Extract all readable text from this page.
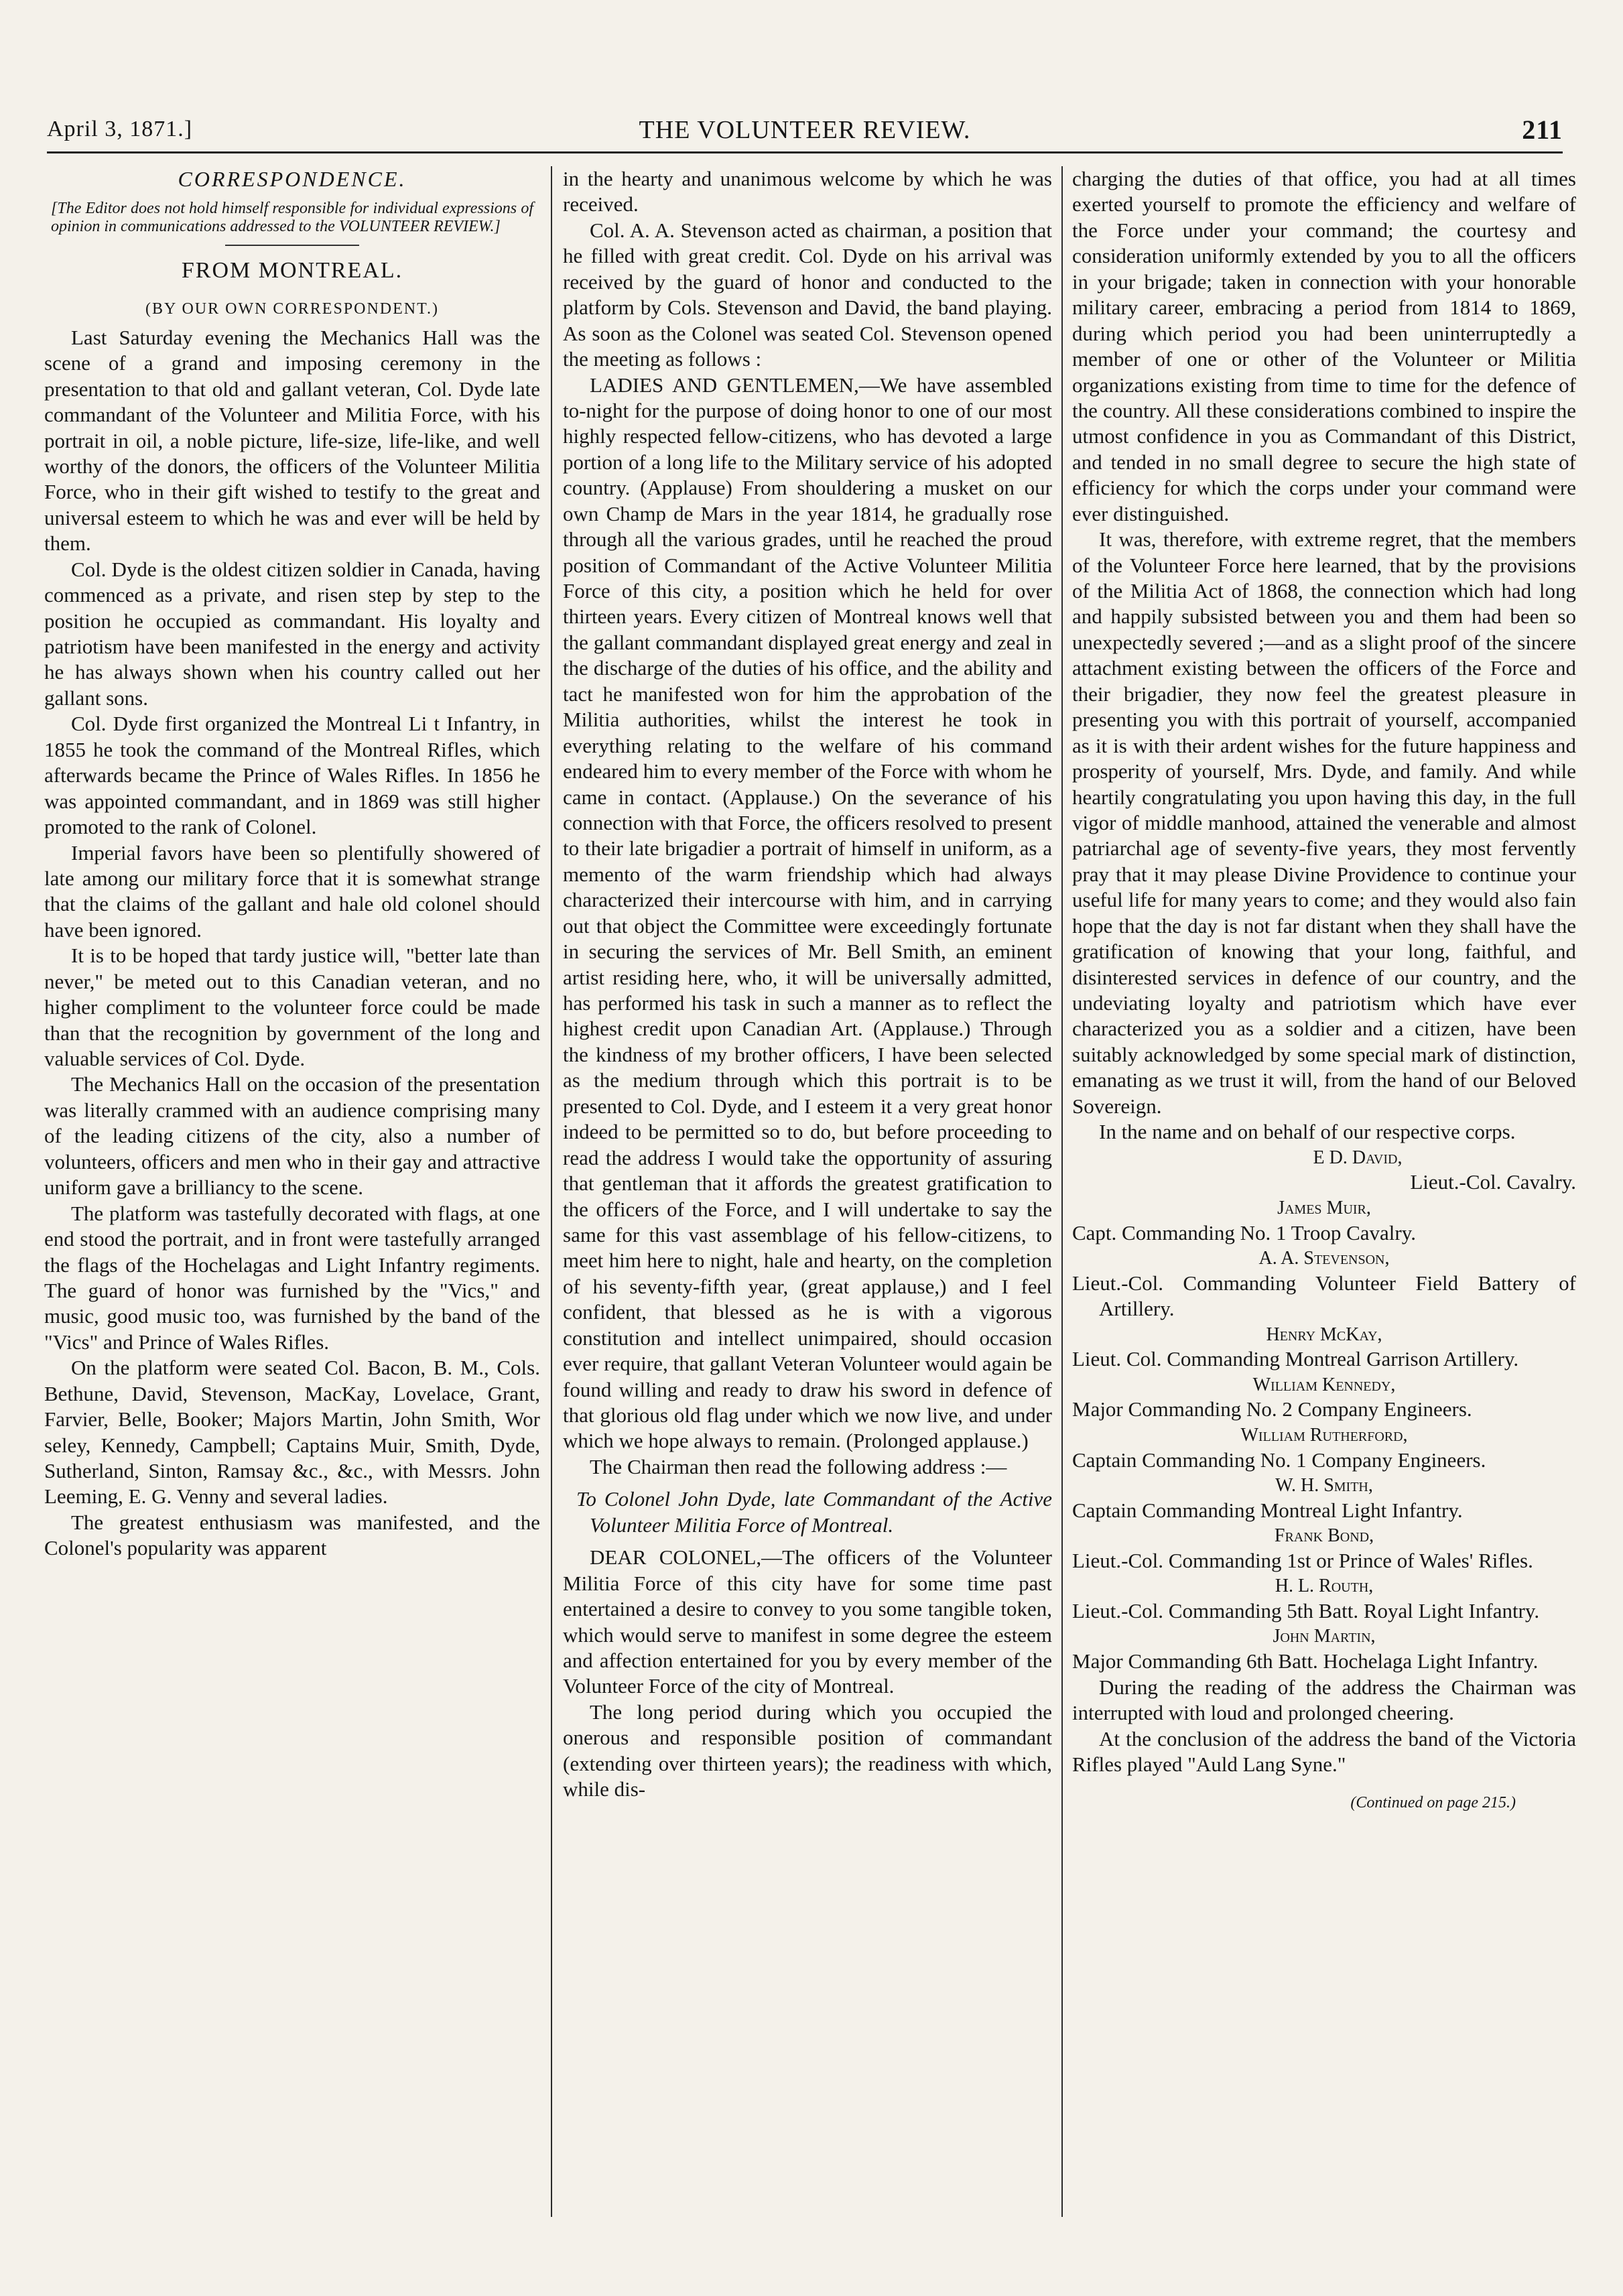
April 3, 1871.]	THE VOLUNTEER REVIEW.	211

CORRESPONDENCE.

[The Editor does not hold himself responsible for individual expressions of opinion in communications addressed to the VOLUNTEER REVIEW.]

FROM MONTREAL.

(BY OUR OWN CORRESPONDENT.)

Last Saturday evening the Mechanics Hall was the scene of a grand and imposing ceremony in the presentation to that old and gallant veteran, Col. Dyde late commandant of the Volunteer and Militia Force, with his portrait in oil, a noble picture, life-size, life-like, and well worthy of the donors, the officers of the Volunteer Militia Force, who in their gift wished to testify to the great and universal esteem to which he was and ever will be held by them.

Col. Dyde is the oldest citizen soldier in Canada, having commenced as a private, and risen step by step to the position he occupied as commandant. His loyalty and patriotism have been manifested in the energy and activity he has always shown when his country called out her gallant sons.

Col. Dyde first organized the Montreal Li t Infantry, in 1855 he took the command of the Montreal Rifles, which afterwards became the Prince of Wales Rifles. In 1856 he was appointed commandant, and in 1869 was still higher promoted to the rank of Colonel.

Imperial favors have been so plentifully showered of late among our military force that it is somewhat strange that the claims of the gallant and hale old colonel should have been ignored.

It is to be hoped that tardy justice will, "better late than never," be meted out to this Canadian veteran, and no higher compliment to the volunteer force could be made than that the recognition by government of the long and valuable services of Col. Dyde.

The Mechanics Hall on the occasion of the presentation was literally crammed with an audience comprising many of the leading citizens of the city, also a number of volunteers, officers and men who in their gay and attractive uniform gave a brilliancy to the scene.

The platform was tastefully decorated with flags, at one end stood the portrait, and in front were tastefully arranged the flags of the Hochelagas and Light Infantry regiments. The guard of honor was furnished by the "Vics," and music, good music too, was furnished by the band of the "Vics" and Prince of Wales Rifles.

On the platform were seated Col. Bacon, B. M., Cols. Bethune, David, Stevenson, MacKay, Lovelace, Grant, Farvier, Belle, Booker; Majors Martin, John Smith, Wor seley, Kennedy, Campbell; Captains Muir, Smith, Dyde, Sutherland, Sinton, Ramsay &c., &c., with Messrs. John Leeming, E. G. Venny and several ladies.

The greatest enthusiasm was manifested, and the Colonel's popularity was apparent

in the hearty and unanimous welcome by which he was received.

Col. A. A. Stevenson acted as chairman, a position that he filled with great credit. Col. Dyde on his arrival was received by the guard of honor and conducted to the platform by Cols. Stevenson and David, the band playing. As soon as the Colonel was seated Col. Stevenson opened the meeting as follows :

LADIES AND GENTLEMEN,—We have assembled to-night for the purpose of doing honor to one of our most highly respected fellow-citizens, who has devoted a large portion of a long life to the Military service of his adopted country. (Applause) From shouldering a musket on our own Champ de Mars in the year 1814, he gradually rose through all the various grades, until he reached the proud position of Commandant of the Active Volunteer Militia Force of this city, a position which he held for over thirteen years. Every citizen of Montreal knows well that the gallant commandant displayed great energy and zeal in the discharge of the duties of his office, and the ability and tact he manifested won for him the approbation of the Militia authorities, whilst the interest he took in everything relating to the welfare of his command endeared him to every member of the Force with whom he came in contact. (Applause.) On the severance of his connection with that Force, the officers resolved to present to their late brigadier a portrait of himself in uniform, as a memento of the warm friendship which had always characterized their intercourse with him, and in carrying out that object the Committee were exceedingly fortunate in securing the services of Mr. Bell Smith, an eminent artist residing here, who, it will be universally admitted, has performed his task in such a manner as to reflect the highest credit upon Canadian Art. (Applause.) Through the kindness of my brother officers, I have been selected as the medium through which this portrait is to be presented to Col. Dyde, and I esteem it a very great honor indeed to be permitted so to do, but before proceeding to read the address I would take the opportunity of assuring that gentleman that it affords the greatest gratification to the officers of the Force, and I will undertake to say the same for this vast assemblage of his fellow-citizens, to meet him here to night, hale and hearty, on the completion of his seventy-fifth year, (great applause,) and I feel confident, that blessed as he is with a vigorous constitution and intellect unimpaired, should occasion ever require, that gallant Veteran Volunteer would again be found willing and ready to draw his sword in defence of that glorious old flag under which we now live, and under which we hope always to remain. (Prolonged applause.)

The Chairman then read the following address :—

To Colonel John Dyde, late Commandant of the Active Volunteer Militia Force of Montreal.

DEAR COLONEL,—The officers of the Volunteer Militia Force of this city have for some time past entertained a desire to convey to you some tangible token, which would serve to manifest in some degree the esteem and affection entertained for you by every member of the Volunteer Force of the city of Montreal.

The long period during which you occupied the onerous and responsible position of commandant (extending over thirteen years); the readiness with which, while dis-

charging the duties of that office, you had at all times exerted yourself to promote the efficiency and welfare of the Force under your command; the courtesy and consideration uniformly extended by you to all the officers in your brigade; taken in connection with your honorable military career, embracing a period from 1814 to 1869, during which period you had been uninterruptedly a member of one or other of the Volunteer or Militia organizations existing from time to time for the defence of the country. All these considerations combined to inspire the utmost confidence in you as Commandant of this District, and tended in no small degree to secure the high state of efficiency for which the corps under your command were ever distinguished.

It was, therefore, with extreme regret, that the members of the Volunteer Force here learned, that by the provisions of the Militia Act of 1868, the connection which had long and happily subsisted between you and them had been so unexpectedly severed ;—and as a slight proof of the sincere attachment existing between the officers of the Force and their brigadier, they now feel the greatest pleasure in presenting you with this portrait of yourself, accompanied as it is with their ardent wishes for the future happiness and prosperity of yourself, Mrs. Dyde, and family. And while heartily congratulating you upon having this day, in the full vigor of middle manhood, attained the venerable and almost patriarchal age of seventy-five years, they most fervently pray that it may please Divine Providence to continue your useful life for many years to come; and they would also fain hope that the day is not far distant when they shall have the gratification of knowing that your long, faithful, and disinterested services in defence of our country, and the undeviating loyalty and patriotism which have ever characterized you as a soldier and a citizen, have been suitably acknowledged by some special mark of distinction, emanating as we trust it will, from the hand of our Beloved Sovereign.

In the name and on behalf of our respective corps.

E D. David,
Lieut.-Col. Cavalry.
James Muir,
Capt. Commanding No. 1 Troop Cavalry.
A. A. Stevenson,
Lieut.-Col. Commanding Volunteer Field Battery of Artillery.
Henry McKay,
Lieut. Col. Commanding Montreal Garrison Artillery.
William Kennedy,
Major Commanding No. 2 Company Engineers.
William Rutherford,
Captain Commanding No. 1 Company Engineers.
W. H. Smith,
Captain Commanding Montreal Light Infantry.
Frank Bond,
Lieut.-Col. Commanding 1st or Prince of Wales' Rifles.
H. L. Routh,
Lieut.-Col. Commanding 5th Batt. Royal Light Infantry.
John Martin,
Major Commanding 6th Batt. Hochelaga Light Infantry.

During the reading of the address the Chairman was interrupted with loud and prolonged cheering.

At the conclusion of the address the band of the Victoria Rifles played "Auld Lang Syne."

(Continued on page 215.)
